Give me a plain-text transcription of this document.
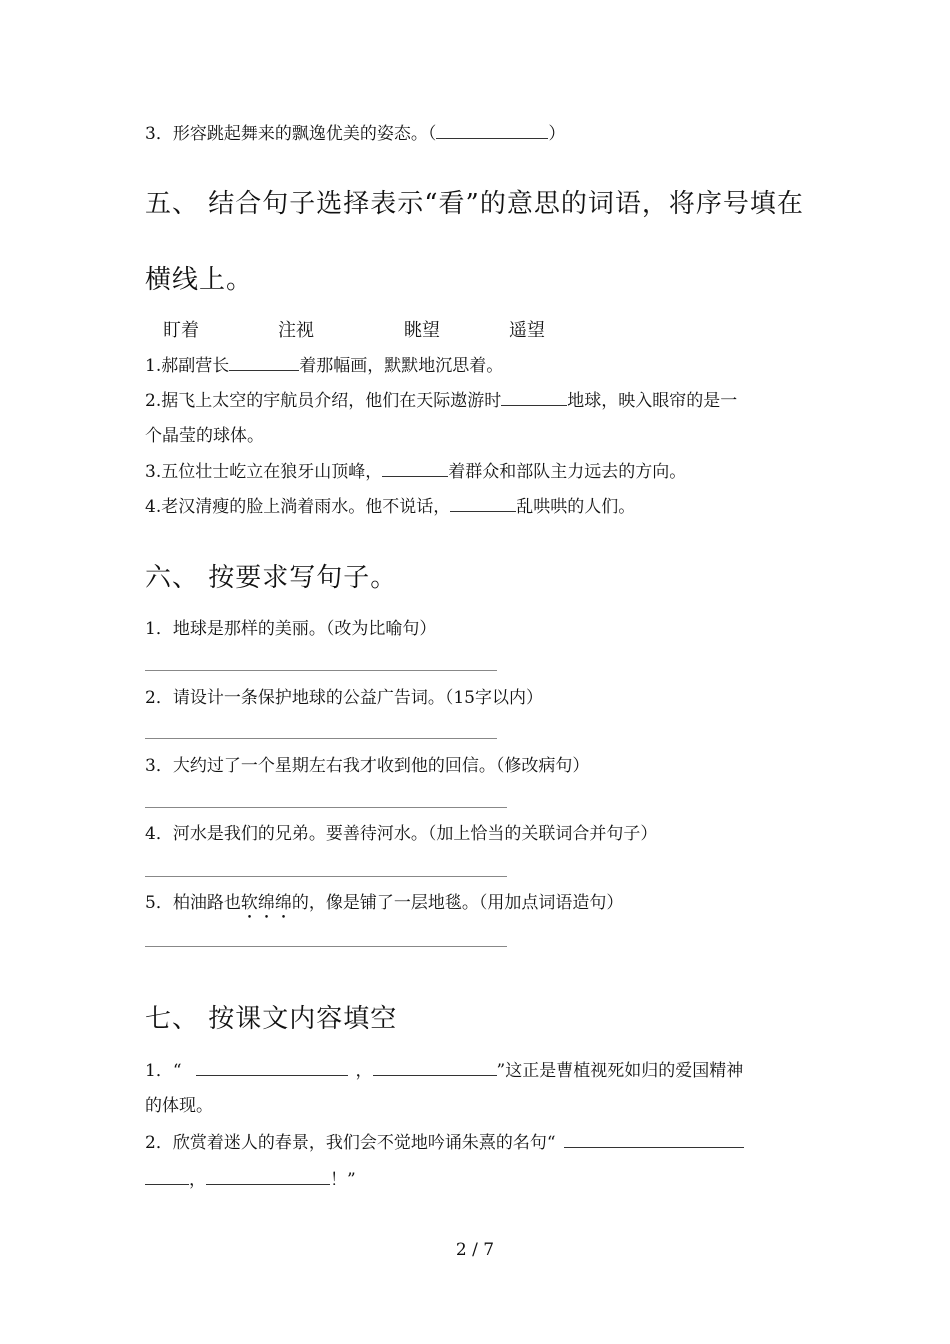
3．形容跳起舞来的飘逸优美的姿态。（	）
五、 结合句子选择表示“看”的意思的词语，将序号填在
横线上。
盯着	注视	眺望	遥望
1.郝副营长	着那幅画，默默地沉思着。
2.据飞上太空的宇航员介绍，他们在天际遨游时	地球，映入眼帘的是一
个晶莹的球体。
3.五位壮士屹立在狼牙山顶峰，	着群众和部队主力远去的方向。
4.老汉清瘦的脸上淌着雨水。他不说话，	乱哄哄的人们。
六、 按要求写句子。
1．地球是那样的美丽。（改为比喻句）
2．请设计一条保护地球的公益广告词。（15字以内）
3．大约过了一个星期左右我才收到他的回信。（修改病句）
4．河水是我们的兄弟。要善待河水。（加上恰当的关联词合并句子）
5．柏油路也软绵绵的，像是铺了一层地毯。（用加点词语造句）
七、 按课文内容填空
1．“	，	”这正是曹植视死如归的爱国精神
的体现。
2．欣赏着迷人的春景，我们会不觉地吟诵朱熹的名句“
，	！”
2 / 7
